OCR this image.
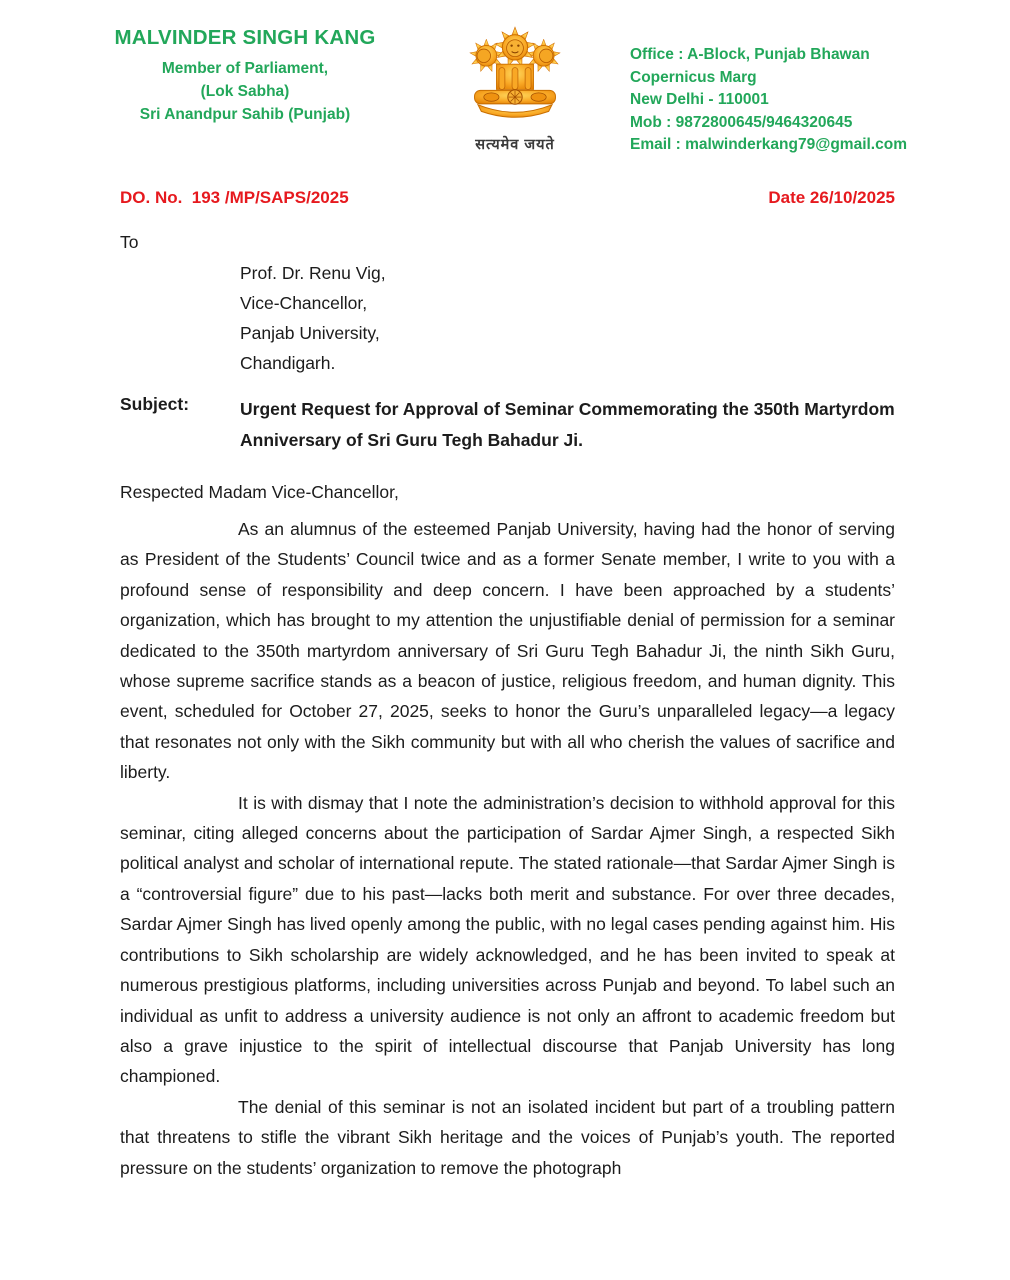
MALVINDER SINGH KANG
Member of Parliament,
(Lok Sabha)
Sri Anandpur Sahib (Punjab)
सत्यमेव जयते
Office : A-Block, Punjab Bhawan
Copernicus Marg
New Delhi - 110001
Mob : 9872800645/9464320645
Email : malwinderkang79@gmail.com
DO. No.  193 /MP/SAPS/2025	Date 26/10/2025
To
Prof. Dr. Renu Vig,
Vice-Chancellor,
Panjab University,
Chandigarh.
Subject:	Urgent Request for Approval of Seminar Commemorating the 350th Martyrdom Anniversary of Sri Guru Tegh Bahadur Ji.
Respected Madam Vice-Chancellor,

As an alumnus of the esteemed Panjab University, having had the honor of serving as President of the Students’ Council twice and as a former Senate member, I write to you with a profound sense of responsibility and deep concern. I have been approached by a students’ organization, which has brought to my attention the unjustifiable denial of permission for a seminar dedicated to the 350th martyrdom anniversary of Sri Guru Tegh Bahadur Ji, the ninth Sikh Guru, whose supreme sacrifice stands as a beacon of justice, religious freedom, and human dignity. This event, scheduled for October 27, 2025, seeks to honor the Guru’s unparalleled legacy—a legacy that resonates not only with the Sikh community but with all who cherish the values of sacrifice and liberty.

It is with dismay that I note the administration’s decision to withhold approval for this seminar, citing alleged concerns about the participation of Sardar Ajmer Singh, a respected Sikh political analyst and scholar of international repute. The stated rationale—that Sardar Ajmer Singh is a “controversial figure” due to his past—lacks both merit and substance. For over three decades, Sardar Ajmer Singh has lived openly among the public, with no legal cases pending against him. His contributions to Sikh scholarship are widely acknowledged, and he has been invited to speak at numerous prestigious platforms, including universities across Punjab and beyond. To label such an individual as unfit to address a university audience is not only an affront to academic freedom but also a grave injustice to the spirit of intellectual discourse that Panjab University has long championed.

The denial of this seminar is not an isolated incident but part of a troubling pattern that threatens to stifle the vibrant Sikh heritage and the voices of Punjab’s youth. The reported pressure on the students’ organization to remove the photograph
